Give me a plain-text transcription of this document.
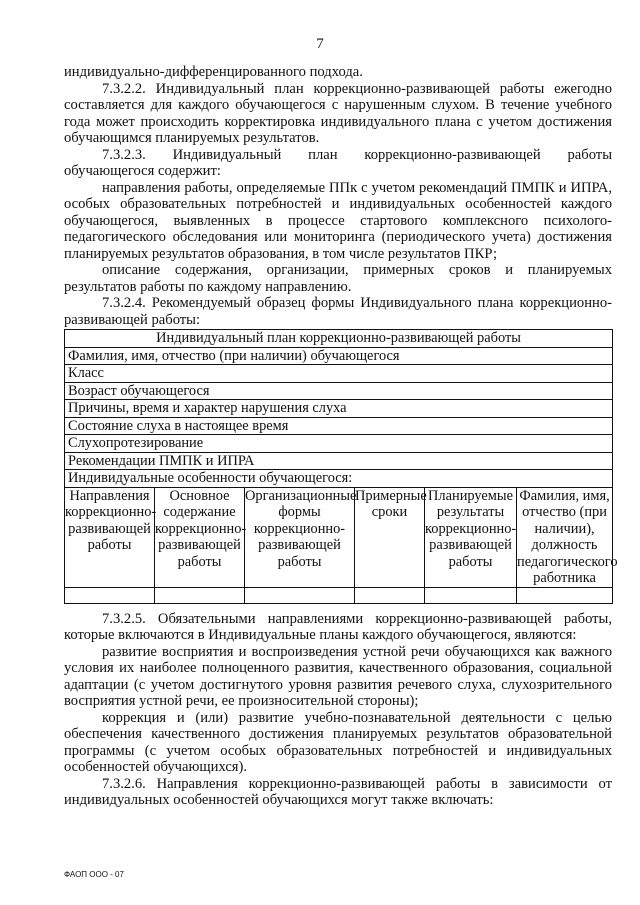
7

индивидуально-дифференцированного подхода.

7.3.2.2. Индивидуальный план коррекционно-развивающей работы ежегодно составляется для каждого обучающегося с нарушенным слухом. В течение учебного года может происходить корректировка индивидуального плана с учетом достижения обучающимся планируемых результатов.

7.3.2.3. Индивидуальный план коррекционно-развивающей работы обучающегося содержит:

направления работы, определяемые ППк с учетом рекомендаций ПМПК и ИПРА, особых образовательных потребностей и индивидуальных особенностей каждого обучающегося, выявленных в процессе стартового комплексного психолого-педагогического обследования или мониторинга (периодического учета) достижения планируемых результатов образования, в том числе результатов ПКР;

описание содержания, организации, примерных сроков и планируемых результатов работы по каждому направлению.

7.3.2.4. Рекомендуемый образец формы Индивидуального плана коррекционно-развивающей работы:

Индивидуальный план коррекционно-развивающей работы					
Фамилия, имя, отчество (при наличии) обучающегося					
Класс					
Возраст обучающегося					
Причины, время и характер нарушения слуха					
Состояние слуха в настоящее время					
Слухопротезирование					
Рекомендации ПМПК и ИПРА					
Индивидуальные особенности обучающегося:					
Направления коррекционно-развивающей работы	Основное содержание коррекционно-развивающей работы	Организационные формы коррекционно-развивающей работы	Примерные сроки	Планируемые результаты коррекционно-развивающей работы	Фамилия, имя, отчество (при наличии), должность педагогического работника

7.3.2.5. Обязательными направлениями коррекционно-развивающей работы, которые включаются в Индивидуальные планы каждого обучающегося, являются:

развитие восприятия и воспроизведения устной речи обучающихся как важного условия их наиболее полноценного развития, качественного образования, социальной адаптации (с учетом достигнутого уровня развития речевого слуха, слухозрительного восприятия устной речи, ее произносительной стороны);

коррекция и (или) развитие учебно-познавательной деятельности с целью обеспечения качественного достижения планируемых результатов образовательной программы (с учетом особых образовательных потребностей и индивидуальных особенностей обучающихся).

7.3.2.6. Направления коррекционно-развивающей работы в зависимости от индивидуальных особенностей обучающихся могут также включать:

ФАОП ООО - 07
